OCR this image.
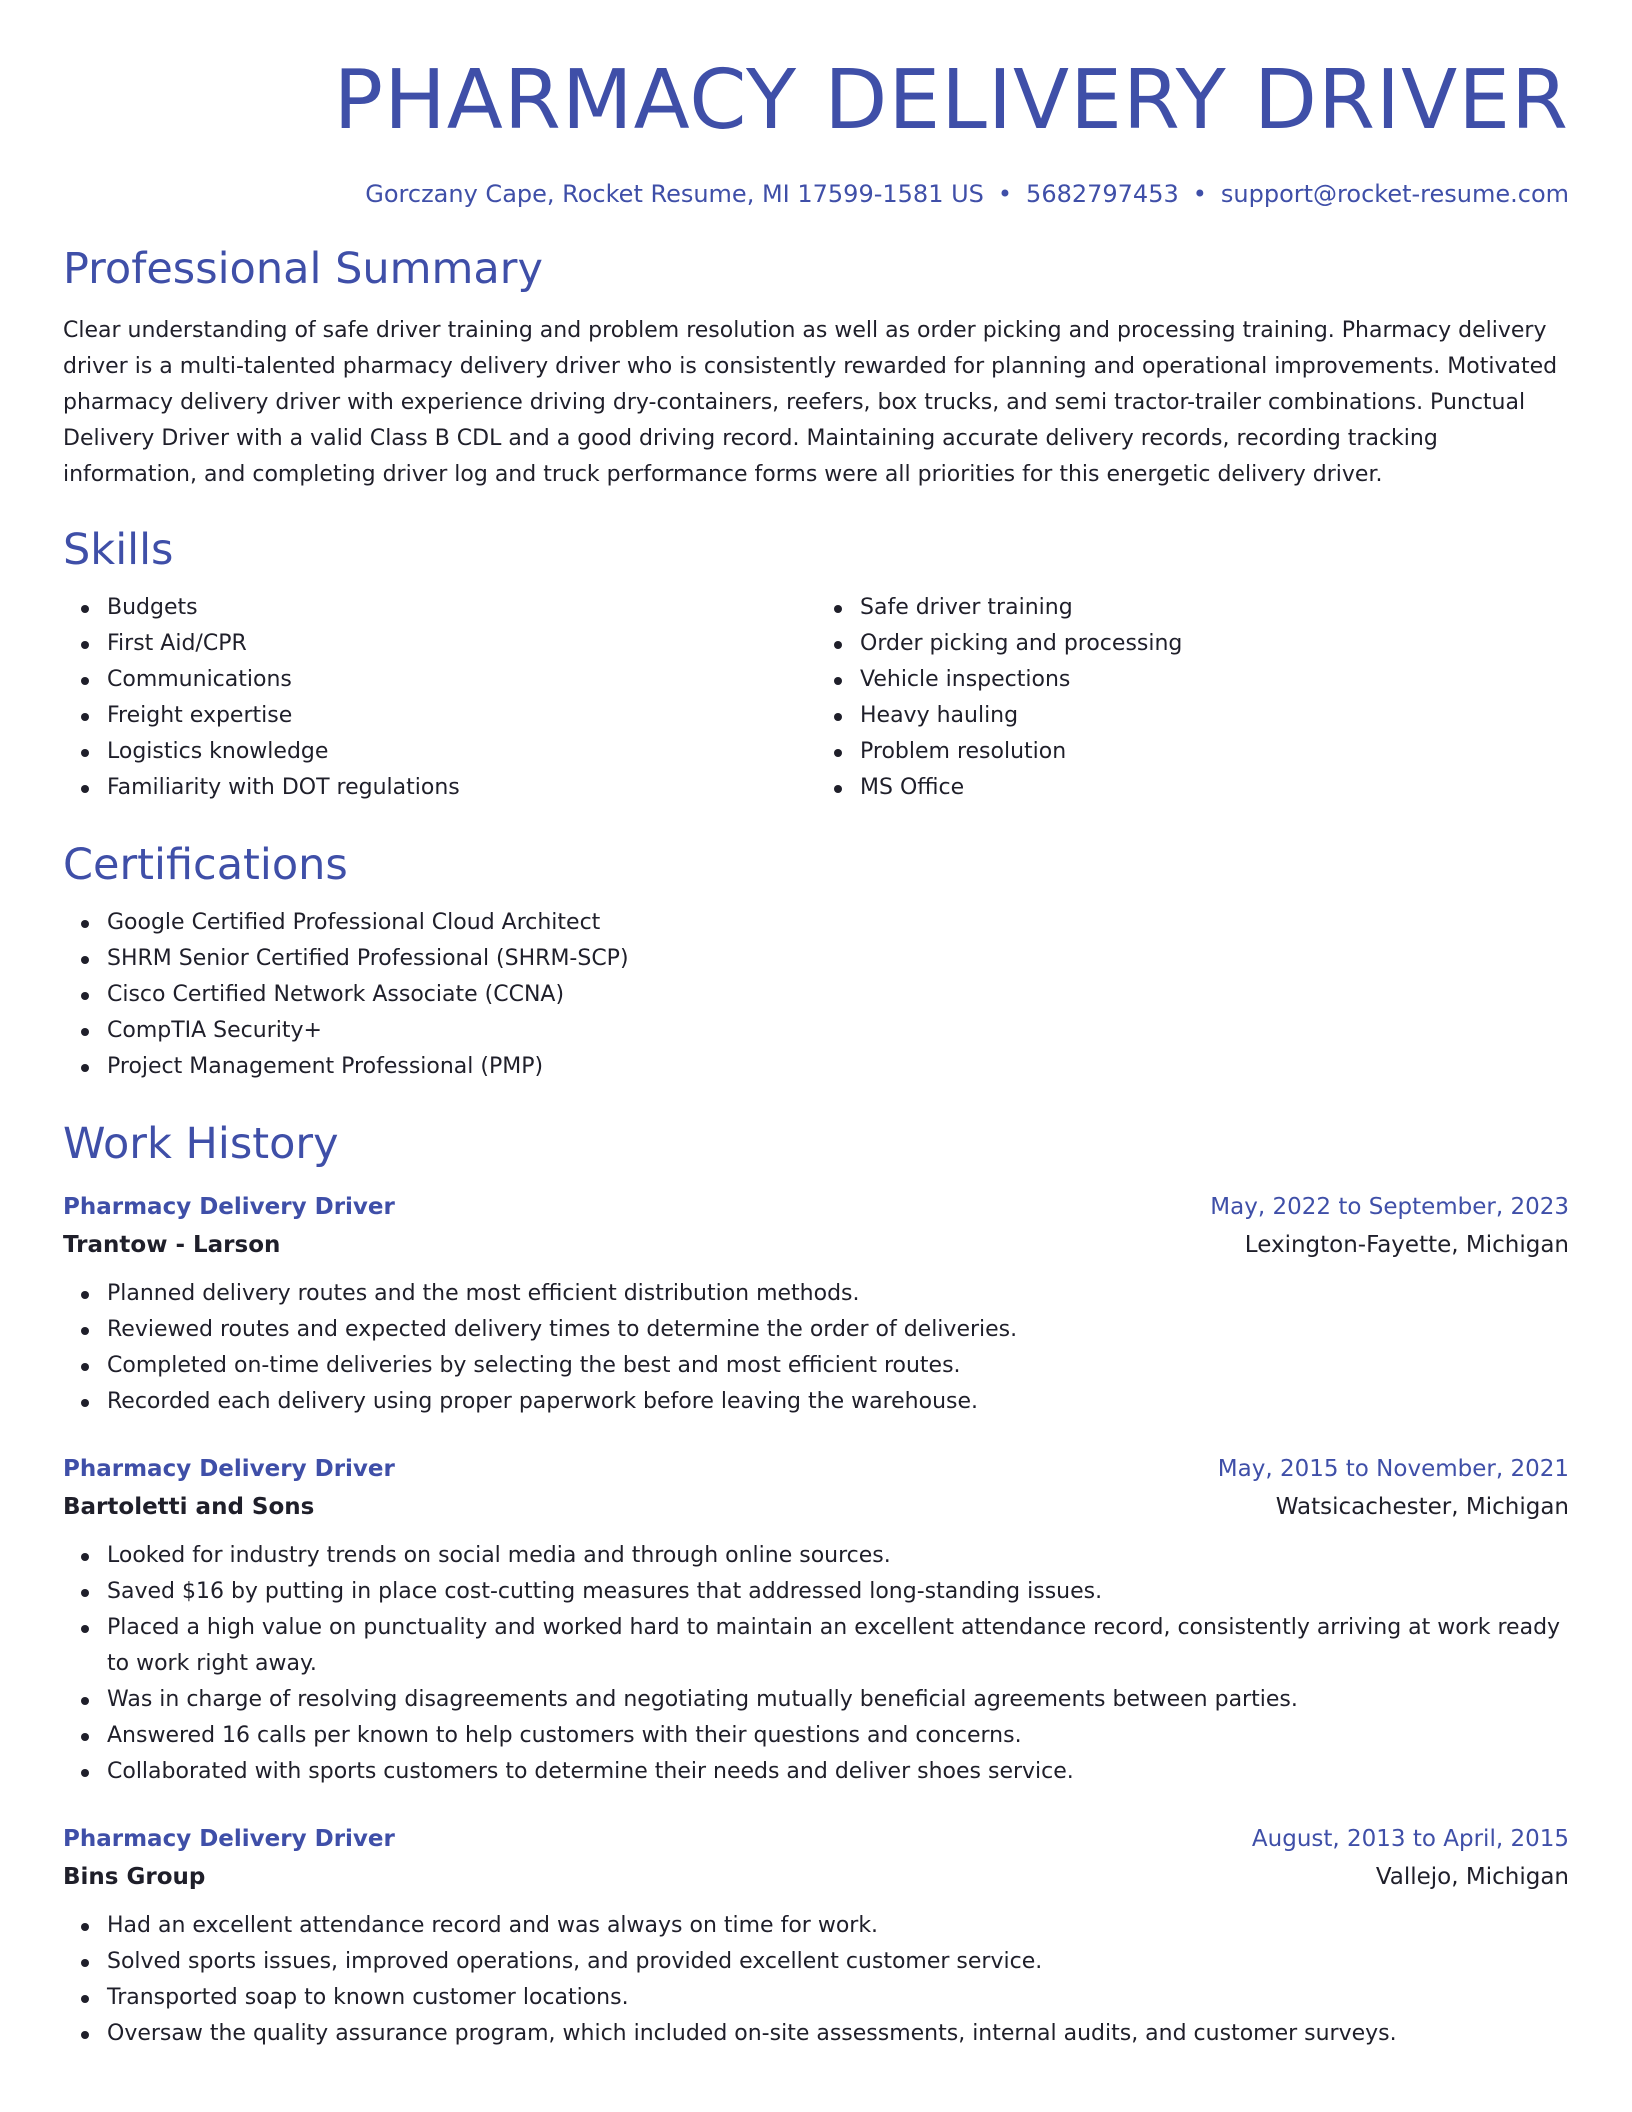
PHARMACY DELIVERY DRIVER
Gorczany Cape, Rocket Resume, MI 17599-1581 US • 5682797453 • support@rocket-resume.com
Professional Summary

Clear understanding of safe driver training and problem resolution as well as order picking and processing training. Pharmacy delivery driver is a multi-talented pharmacy delivery driver who is consistently rewarded for planning and operational improvements. Motivated pharmacy delivery driver with experience driving dry-containers, reefers, box trucks, and semi tractor-trailer combinations. Punctual Delivery Driver with a valid Class B CDL and a good driving record. Maintaining accurate delivery records, recording tracking information, and completing driver log and truck performance forms were all priorities for this energetic delivery driver.

Skills
Budgets
First Aid/CPR
Communications
Freight expertise
Logistics knowledge
Familiarity with DOT regulations
Safe driver training
Order picking and processing
Vehicle inspections
Heavy hauling
Problem resolution
MS Office
Certifications
Google Certified Professional Cloud Architect
SHRM Senior Certified Professional (SHRM-SCP)
Cisco Certified Network Associate (CCNA)
CompTIA Security+
Project Management Professional (PMP)
Work History
Pharmacy Delivery Driver	May, 2022 to September, 2023
Trantow - Larson	Lexington-Fayette, Michigan
Planned delivery routes and the most efficient distribution methods.
Reviewed routes and expected delivery times to determine the order of deliveries.
Completed on-time deliveries by selecting the best and most efficient routes.
Recorded each delivery using proper paperwork before leaving the warehouse.
Pharmacy Delivery Driver	May, 2015 to November, 2021
Bartoletti and Sons	Watsicachester, Michigan
Looked for industry trends on social media and through online sources.
Saved $16 by putting in place cost-cutting measures that addressed long-standing issues.
Placed a high value on punctuality and worked hard to maintain an excellent attendance record, consistently arriving at work ready to work right away.
Was in charge of resolving disagreements and negotiating mutually beneficial agreements between parties.
Answered 16 calls per known to help customers with their questions and concerns.
Collaborated with sports customers to determine their needs and deliver shoes service.
Pharmacy Delivery Driver	August, 2013 to April, 2015
Bins Group	Vallejo, Michigan
Had an excellent attendance record and was always on time for work.
Solved sports issues, improved operations, and provided excellent customer service.
Transported soap to known customer locations.
Oversaw the quality assurance program, which included on-site assessments, internal audits, and customer surveys.
